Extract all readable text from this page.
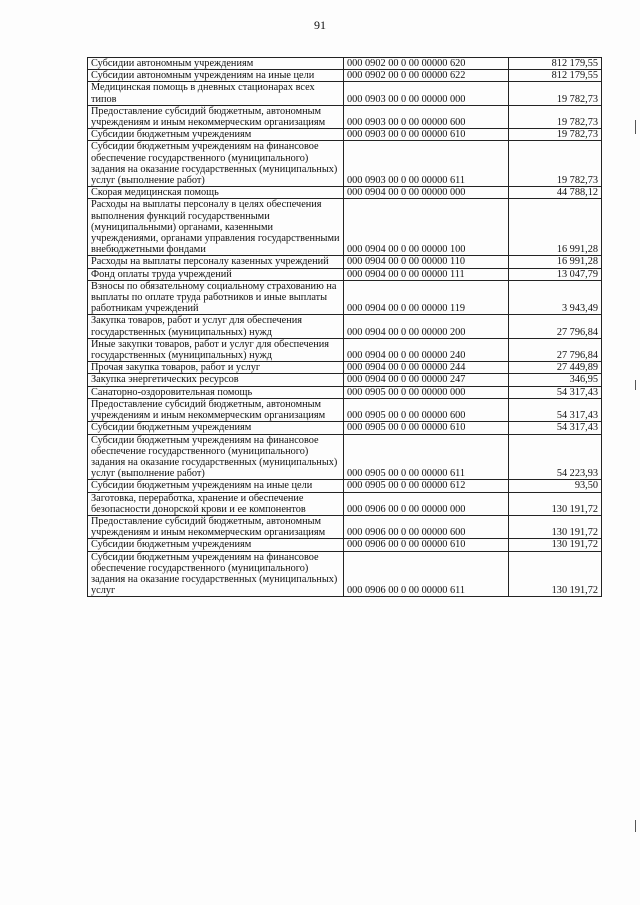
91
Субсидии автономным учреждениям	000 0902 00 0 00 00000 620	812 179,55
Субсидии автономным учреждениям на иные цели	000 0902 00 0 00 00000 622	812 179,55
Медицинская помощь в дневных стационарах всех типов	000 0903 00 0 00 00000 000	19 782,73
Предоставление субсидий бюджетным, автономным учреждениям и иным некоммерческим организациям	000 0903 00 0 00 00000 600	19 782,73
Субсидии бюджетным учреждениям	000 0903 00 0 00 00000 610	19 782,73
Субсидии бюджетным учреждениям на финансовое обеспечение государственного (муниципального) задания на оказание государственных (муниципальных) услуг (выполнение работ)	000 0903 00 0 00 00000 611	19 782,73
Скорая медицинская помощь	000 0904 00 0 00 00000 000	44 788,12
Расходы на выплаты персоналу в целях обеспечения выполнения функций государственными (муниципальными) органами, казенными учреждениями, органами управления государственными внебюджетными фондами	000 0904 00 0 00 00000 100	16 991,28
Расходы на выплаты персоналу казенных учреждений	000 0904 00 0 00 00000 110	16 991,28
Фонд оплаты труда учреждений	000 0904 00 0 00 00000 111	13 047,79
Взносы по обязательному социальному страхованию на выплаты по оплате труда работников и иные выплаты работникам учреждений	000 0904 00 0 00 00000 119	3 943,49
Закупка товаров, работ и услуг для обеспечения государственных (муниципальных) нужд	000 0904 00 0 00 00000 200	27 796,84
Иные закупки товаров, работ и услуг для обеспечения государственных (муниципальных) нужд	000 0904 00 0 00 00000 240	27 796,84
Прочая закупка товаров, работ и услуг	000 0904 00 0 00 00000 244	27 449,89
Закупка энергетических ресурсов	000 0904 00 0 00 00000 247	346,95
Санаторно-оздоровительная помощь	000 0905 00 0 00 00000 000	54 317,43
Предоставление субсидий бюджетным, автономным учреждениям и иным некоммерческим организациям	000 0905 00 0 00 00000 600	54 317,43
Субсидии бюджетным учреждениям	000 0905 00 0 00 00000 610	54 317,43
Субсидии бюджетным учреждениям на финансовое обеспечение государственного (муниципального) задания на оказание государственных (муниципальных) услуг (выполнение работ)	000 0905 00 0 00 00000 611	54 223,93
Субсидии бюджетным учреждениям на иные цели	000 0905 00 0 00 00000 612	93,50
Заготовка, переработка, хранение и обеспечение безопасности донорской крови и ее компонентов	000 0906 00 0 00 00000 000	130 191,72
Предоставление субсидий бюджетным, автономным учреждениям и иным некоммерческим организациям	000 0906 00 0 00 00000 600	130 191,72
Субсидии бюджетным учреждениям	000 0906 00 0 00 00000 610	130 191,72
Субсидии бюджетным учреждениям на финансовое обеспечение государственного (муниципального) задания на оказание государственных (муниципальных) услуг	000 0906 00 0 00 00000 611	130 191,72
